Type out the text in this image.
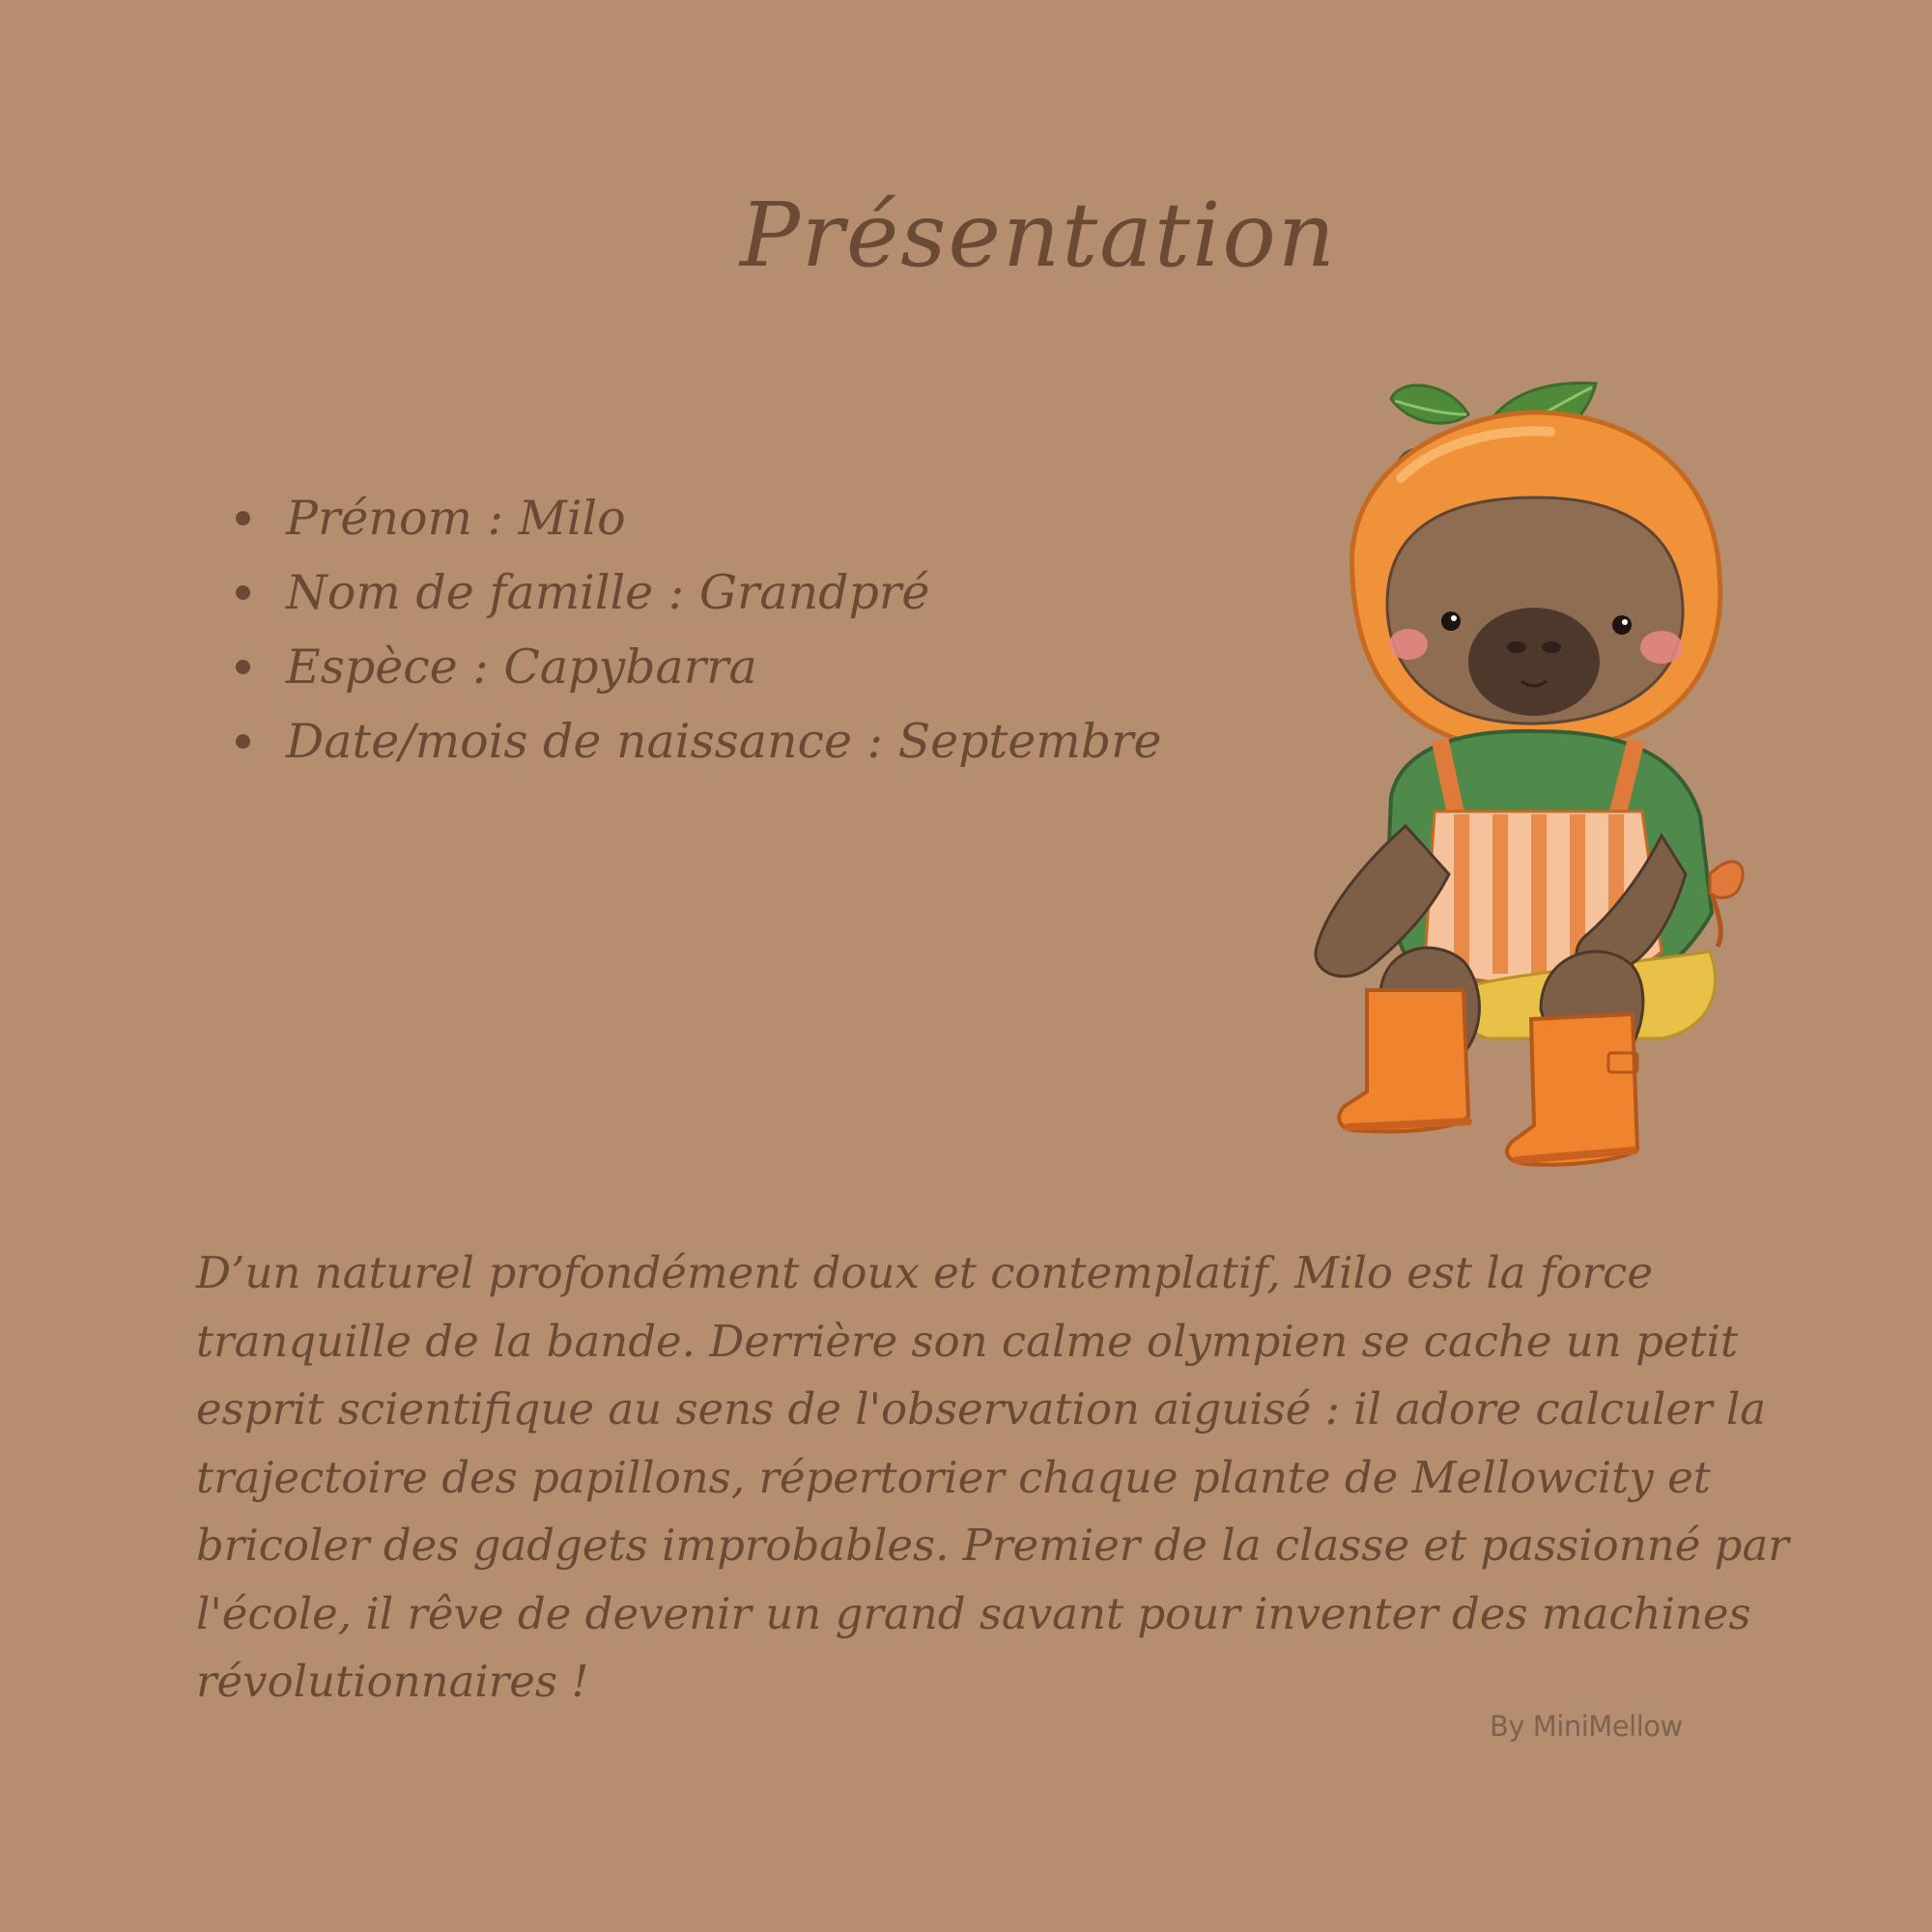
Présentation
Prénom : Milo
Nom de famille : Grandpré
Espèce : Capybarra
Date/mois de naissance : Septembre

D’un naturel profondément doux et contemplatif, Milo est la force tranquille de la bande. Derrière son calme olympien se cache un petit esprit scientifique au sens de l'observation aiguisé : il adore calculer la trajectoire des papillons, répertorier chaque plante de Mellowcity et bricoler des gadgets improbables. Premier de la classe et passionné par l'école, il rêve de devenir un grand savant pour inventer des machines révolutionnaires !

By MiniMellow
